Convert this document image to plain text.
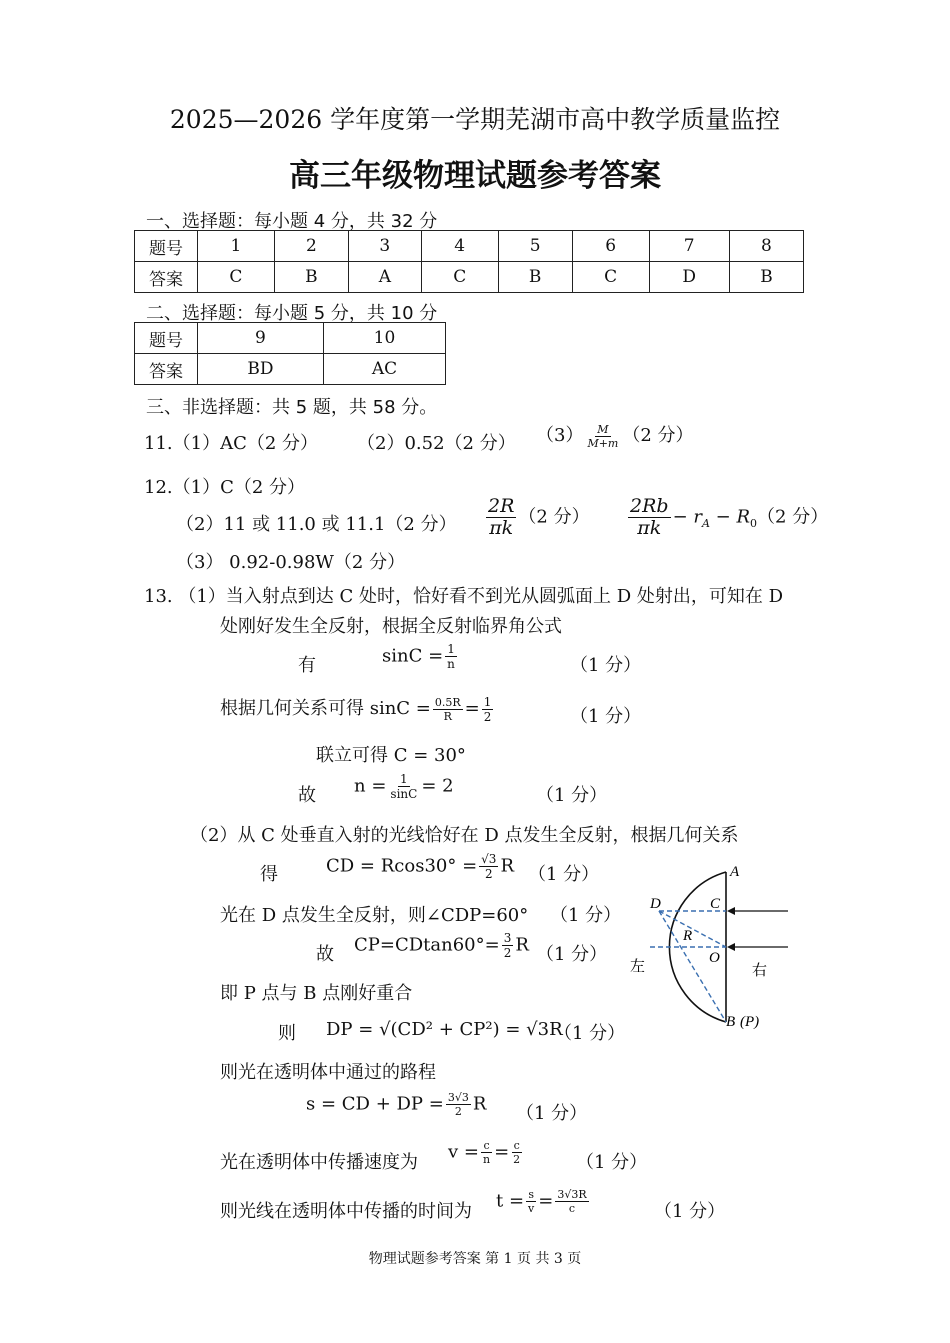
2025—2026 学年度第一学期芜湖市高中教学质量监控
高三年级物理试题参考答案
一、选择题：每小题 4 分，共 32 分
题号	1	2	3	4	5	6	7	8
答案	C	B	A	C	B	C	D	B
二、选择题：每小题 5 分，共 10 分
题号	9	10
答案	BD	AC
三、非选择题：共 5 题，共 58 分。
11.（1）AC（2 分） （2）0.52（2 分） $(3) \frac{M}{M+m} (2$ 分）
12.（1）C（2 分）
（2）11 或 11.0 或 11.1（2 分） $\frac{2R}{\pi k} (2$ 分） $\frac{2Rb}{\pi k} - r_A - R_0(2$ 分）
（3） 0.92-0.98W（2 分）
13. （1）当入射点到达 C 处时，恰好看不到光从圆弧面上 D 处射出，可知在 D
处刚好发生全反射，根据全反射临界角公式
有	$\sin C = \frac{1}{n}$	（1 分）
根据几何关系可得 $\sin C = \frac{0.5R}{R} = \frac{1}{2}$	（1 分）
联立可得 C = 30°
故 $n = \frac{1}{\sin C} = 2$	（1 分）
（2）从 C 处垂直入射的光线恰好在 D 点发生全反射，根据几何关系
得	CD = $Rcos30^\circ = \frac{√3}{2}$ R （1 分）
光在 D 点发生全反射，则∠CDP=60° （1 分）
故 $CP=CDtan60^\circ= \frac{3}{2}$ R （1 分）
即 P 点与 B 点刚好重合
则 DP = √(CD² + CP²) = √3R
（1 分）
则光在透明体中通过的路程
s = CD + DP = $\frac{3√3}{2}$ R （1 分）
光在透明体中传播速度为 $v = \frac{c}{n} = \frac{c}{2}$	（1 分）
则光线在透明体中传播的时间为 $t = \frac{s}{v} = \frac{3√3R}{c}$	（1 分）
A
C
D
R
O
B (P)
左	右
物理试题参考答案 第 1 页 共 3 页
